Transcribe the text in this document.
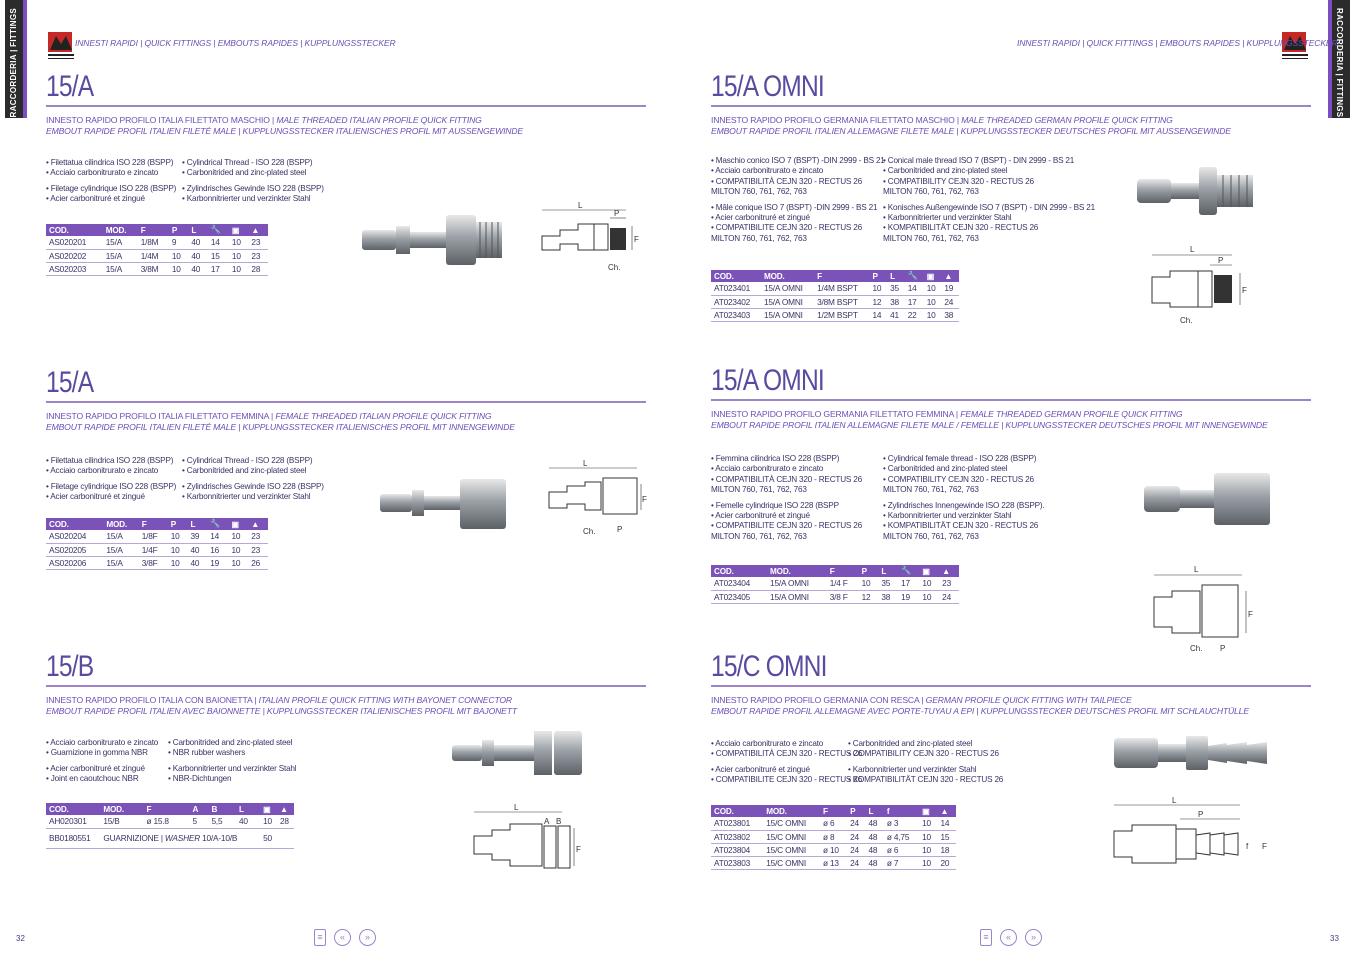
RACCORDERIA | FITTINGS	RACCORDERIA | FITTINGS
INNESTI RAPIDI | QUICK FITTINGS | EMBOUTS RAPIDES | KUPPLUNGSSTECKER	INNESTI RAPIDI | QUICK FITTINGS | EMBOUTS RAPIDES | KUPPLUNGSSTECKER
15/A
INNESTO RAPIDO PROFILO ITALIA FILETTATO MASCHIO | MALE THREADED ITALIAN PROFILE QUICK FITTING
EMBOUT RAPIDE PROFIL ITALIEN FILETÉ MALE | KUPPLUNGSSTECKER ITALIENISCHES PROFIL MIT AUSSENGEWINDE
• Filettatua cilindrica ISO 228 (BSPP)
• Acciaio carbonitrurato e zincato
• Filetage cylindrique ISO 228 (BSPP)
• Acier carbonitruré et zingué
• Cylindrical Thread - ISO 228 (BSPP)
• Carbonitrided and zinc-plated steel
• Zylindrisches Gewinde ISO 228 (BSPP)
• Karbonnitrierter und verzinkter Stahl
COD.	MOD.	F	P	L	🔧	▣	▲
AS020201	15/A	1/8M	9	40	14	10	23
AS020202	15/A	1/4M	10	40	15	10	23
AS020203	15/A	3/8M	10	40	17	10	28
15/A
INNESTO RAPIDO PROFILO ITALIA FILETTATO FEMMINA | FEMALE THREADED ITALIAN PROFILE QUICK FITTING
EMBOUT RAPIDE PROFIL ITALIEN FILETÉ MALE | KUPPLUNGSSTECKER ITALIENISCHES PROFIL MIT INNENGEWINDE
• Filettatua cilindrica ISO 228 (BSPP)
• Acciaio carbonitrurato e zincato
• Filetage cylindrique ISO 228 (BSPP)
• Acier carbonitruré et zingué
• Cylindrical Thread - ISO 228 (BSPP)
• Carbonitrided and zinc-plated steel
• Zylindrisches Gewinde ISO 228 (BSPP)
• Karbonnitrierter und verzinkter Stahl
COD.	MOD.	F	P	L	🔧	▣	▲
AS020204	15/A	1/8F	10	39	14	10	23
AS020205	15/A	1/4F	10	40	16	10	23
AS020206	15/A	3/8F	10	40	19	10	26
15/B
INNESTO RAPIDO PROFILO ITALIA CON BAIONETTA | ITALIAN PROFILE QUICK FITTING WITH BAYONET CONNECTOR
EMBOUT RAPIDE PROFIL ITALIEN AVEC BAIONNETTE | KUPPLUNGSSTECKER ITALIENISCHES PROFIL MIT BAJONETT
• Acciaio carbonitrurato e zincato
• Guarnizione in gomma NBR
• Acier carbonitruré et zingué
• Joint en caoutchouc NBR
• Carbonitrided and zinc-plated steel
• NBR rubber washers
• Karbonnitrierter und verzinkter Stahl
• NBR-Dichtungen
COD.	MOD.	F	A	B	L	▣	▲
AH020301	15/B	ø 15.8	5	5,5	40	10	28
BB0180551	GUARNIZIONE | WASHER 10/A-10/B					50	
15/A OMNI
INNESTO RAPIDO PROFILO GERMANIA FILETTATO MASCHIO | MALE THREADED GERMAN PROFILE QUICK FITTING
EMBOUT RAPIDE PROFIL ITALIEN ALLEMAGNE FILETE MALE | KUPPLUNGSSTECKER DEUTSCHES PROFIL MIT AUSSENGEWINDE
• Maschio conico ISO 7 (BSPT) -DIN 2999 - BS 21
• Acciaio carbonitrurato e zincato
• COMPATIBILITÀ CEJN 320 - RECTUS 26
MILTON 760, 761, 762, 763
• Mâle conique ISO 7 (BSPT) -DIN 2999 - BS 21
• Acier carbonitruré et zingué
• COMPATIBILITE CEJN 320 - RECTUS 26
MILTON 760, 761, 762, 763
• Conical male thread ISO 7 (BSPT) - DIN 2999 - BS 21
• Carbonitrided and zinc-plated steel
• COMPATIBILITY CEJN 320 - RECTUS 26
MILTON 760, 761, 762, 763
• Konisches Außengewinde ISO 7 (BSPT) - DIN 2999 - BS 21
• Karbonnitrierter und verzinkter Stahl
• KOMPATIBILITÄT CEJN 320 - RECTUS 26
MILTON 760, 761, 762, 763
COD.	MOD.	F	P	L	🔧	▣	▲
AT023401	15/A OMNI	1/4M BSPT	10	35	14	10	19
AT023402	15/A OMNI	3/8M BSPT	12	38	17	10	24
AT023403	15/A OMNI	1/2M BSPT	14	41	22	10	38
15/A OMNI
INNESTO RAPIDO PROFILO GERMANIA FILETTATO FEMMINA | FEMALE THREADED GERMAN PROFILE QUICK FITTING
EMBOUT RAPIDE PROFIL ITALIEN ALLEMAGNE FILETE MALE / FEMELLE | KUPPLUNGSSTECKER DEUTSCHES PROFIL MIT INNENGEWINDE
• Femmina cilindrica ISO 228 (BSPP)
• Acciaio carbonitrurato e zincato
• COMPATIBILITÀ CEJN 320 - RECTUS 26
MILTON 760, 761, 762, 763
• Femelle cylindrique ISO 228 (BSPP
• Acier carbonitruré et zingué
• COMPATIBILITE CEJN 320 - RECTUS 26
MILTON 760, 761, 762, 763
• Cylindrical female thread - ISO 228 (BSPP)
• Carbonitrided and zinc-plated steel
• COMPATIBILITY CEJN 320 - RECTUS 26
MILTON 760, 761, 762, 763
• Zylindrisches Innengewinde ISO 228 (BSPP).
• Karbonnitrierter und verzinkter Stahl
• KOMPATIBILITÄT CEJN 320 - RECTUS 26
MILTON 760, 761, 762, 763
COD.	MOD.	F	P	L	🔧	▣	▲
AT023404	15/A OMNI	1/4 F	10	35	17	10	23
AT023405	15/A OMNI	3/8 F	12	38	19	10	24
15/C OMNI
INNESTO RAPIDO PROFILO GERMANIA CON RESCA | GERMAN PROFILE QUICK FITTING WITH TAILPIECE
EMBOUT RAPIDE PROFIL ALLEMAGNE AVEC PORTE-TUYAU A EPI | KUPPLUNGSSTECKER DEUTSCHES PROFIL MIT SCHLAUCHTÜLLE
• Acciaio carbonitrurato e zincato
• COMPATIBILITÀ CEJN 320 - RECTUS 26
• Acier carbonitruré et zingué
• COMPATIBILITE CEJN 320 - RECTUS 26
• Carbonitrided and zinc-plated steel
• COMPATIBILITY CEJN 320 - RECTUS 26
• Karbonnitrierter und verzinkter Stahl
• KOMPATIBILITÄT CEJN 320 - RECTUS 26
COD.	MOD.	F	P	L	f	▣	▲
AT023801	15/C OMNI	ø 6	24	48	ø 3	10	14
AT023802	15/C OMNI	ø 8	24	48	ø 4,75	10	15
AT023804	15/C OMNI	ø 10	24	48	ø 6	10	18
AT023803	15/C OMNI	ø 13	24	48	ø 7	10	20
L
P
F
Ch.
L
F
Ch.	P
L
A B
F
L
P
F
Ch.
L
F
Ch. P
L
P
f F
32	33
≡	«	»	≡	«	»
